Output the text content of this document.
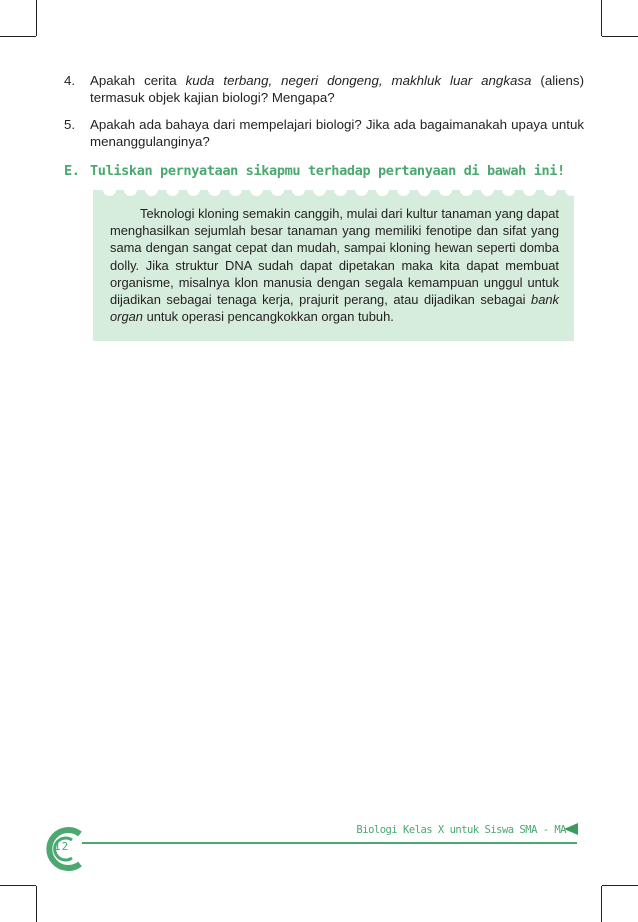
4. Apakah cerita kuda terbang, negeri dongeng, makhluk luar angkasa (aliens) termasuk objek kajian biologi? Mengapa?
5. Apakah ada bahaya dari mempelajari biologi? Jika ada bagaimanakah upaya untuk menanggulanginya?
E. Tuliskan pernyataan sikapmu terhadap pertanyaan di bawah ini!
Teknologi kloning semakin canggih, mulai dari kultur tanaman yang dapat menghasilkan sejumlah besar tanaman yang memiliki fenotipe dan sifat yang sama dengan sangat cepat dan mudah, sampai kloning hewan seperti domba dolly. Jika struktur DNA sudah dapat dipetakan maka kita dapat membuat organisme, misalnya klon manusia dengan segala kemampuan unggul untuk dijadikan sebagai tenaga kerja, prajurit perang, atau dijadikan sebagai bank organ untuk operasi pencangkokkan organ tubuh.
Biologi Kelas X untuk Siswa SMA - MA
12
